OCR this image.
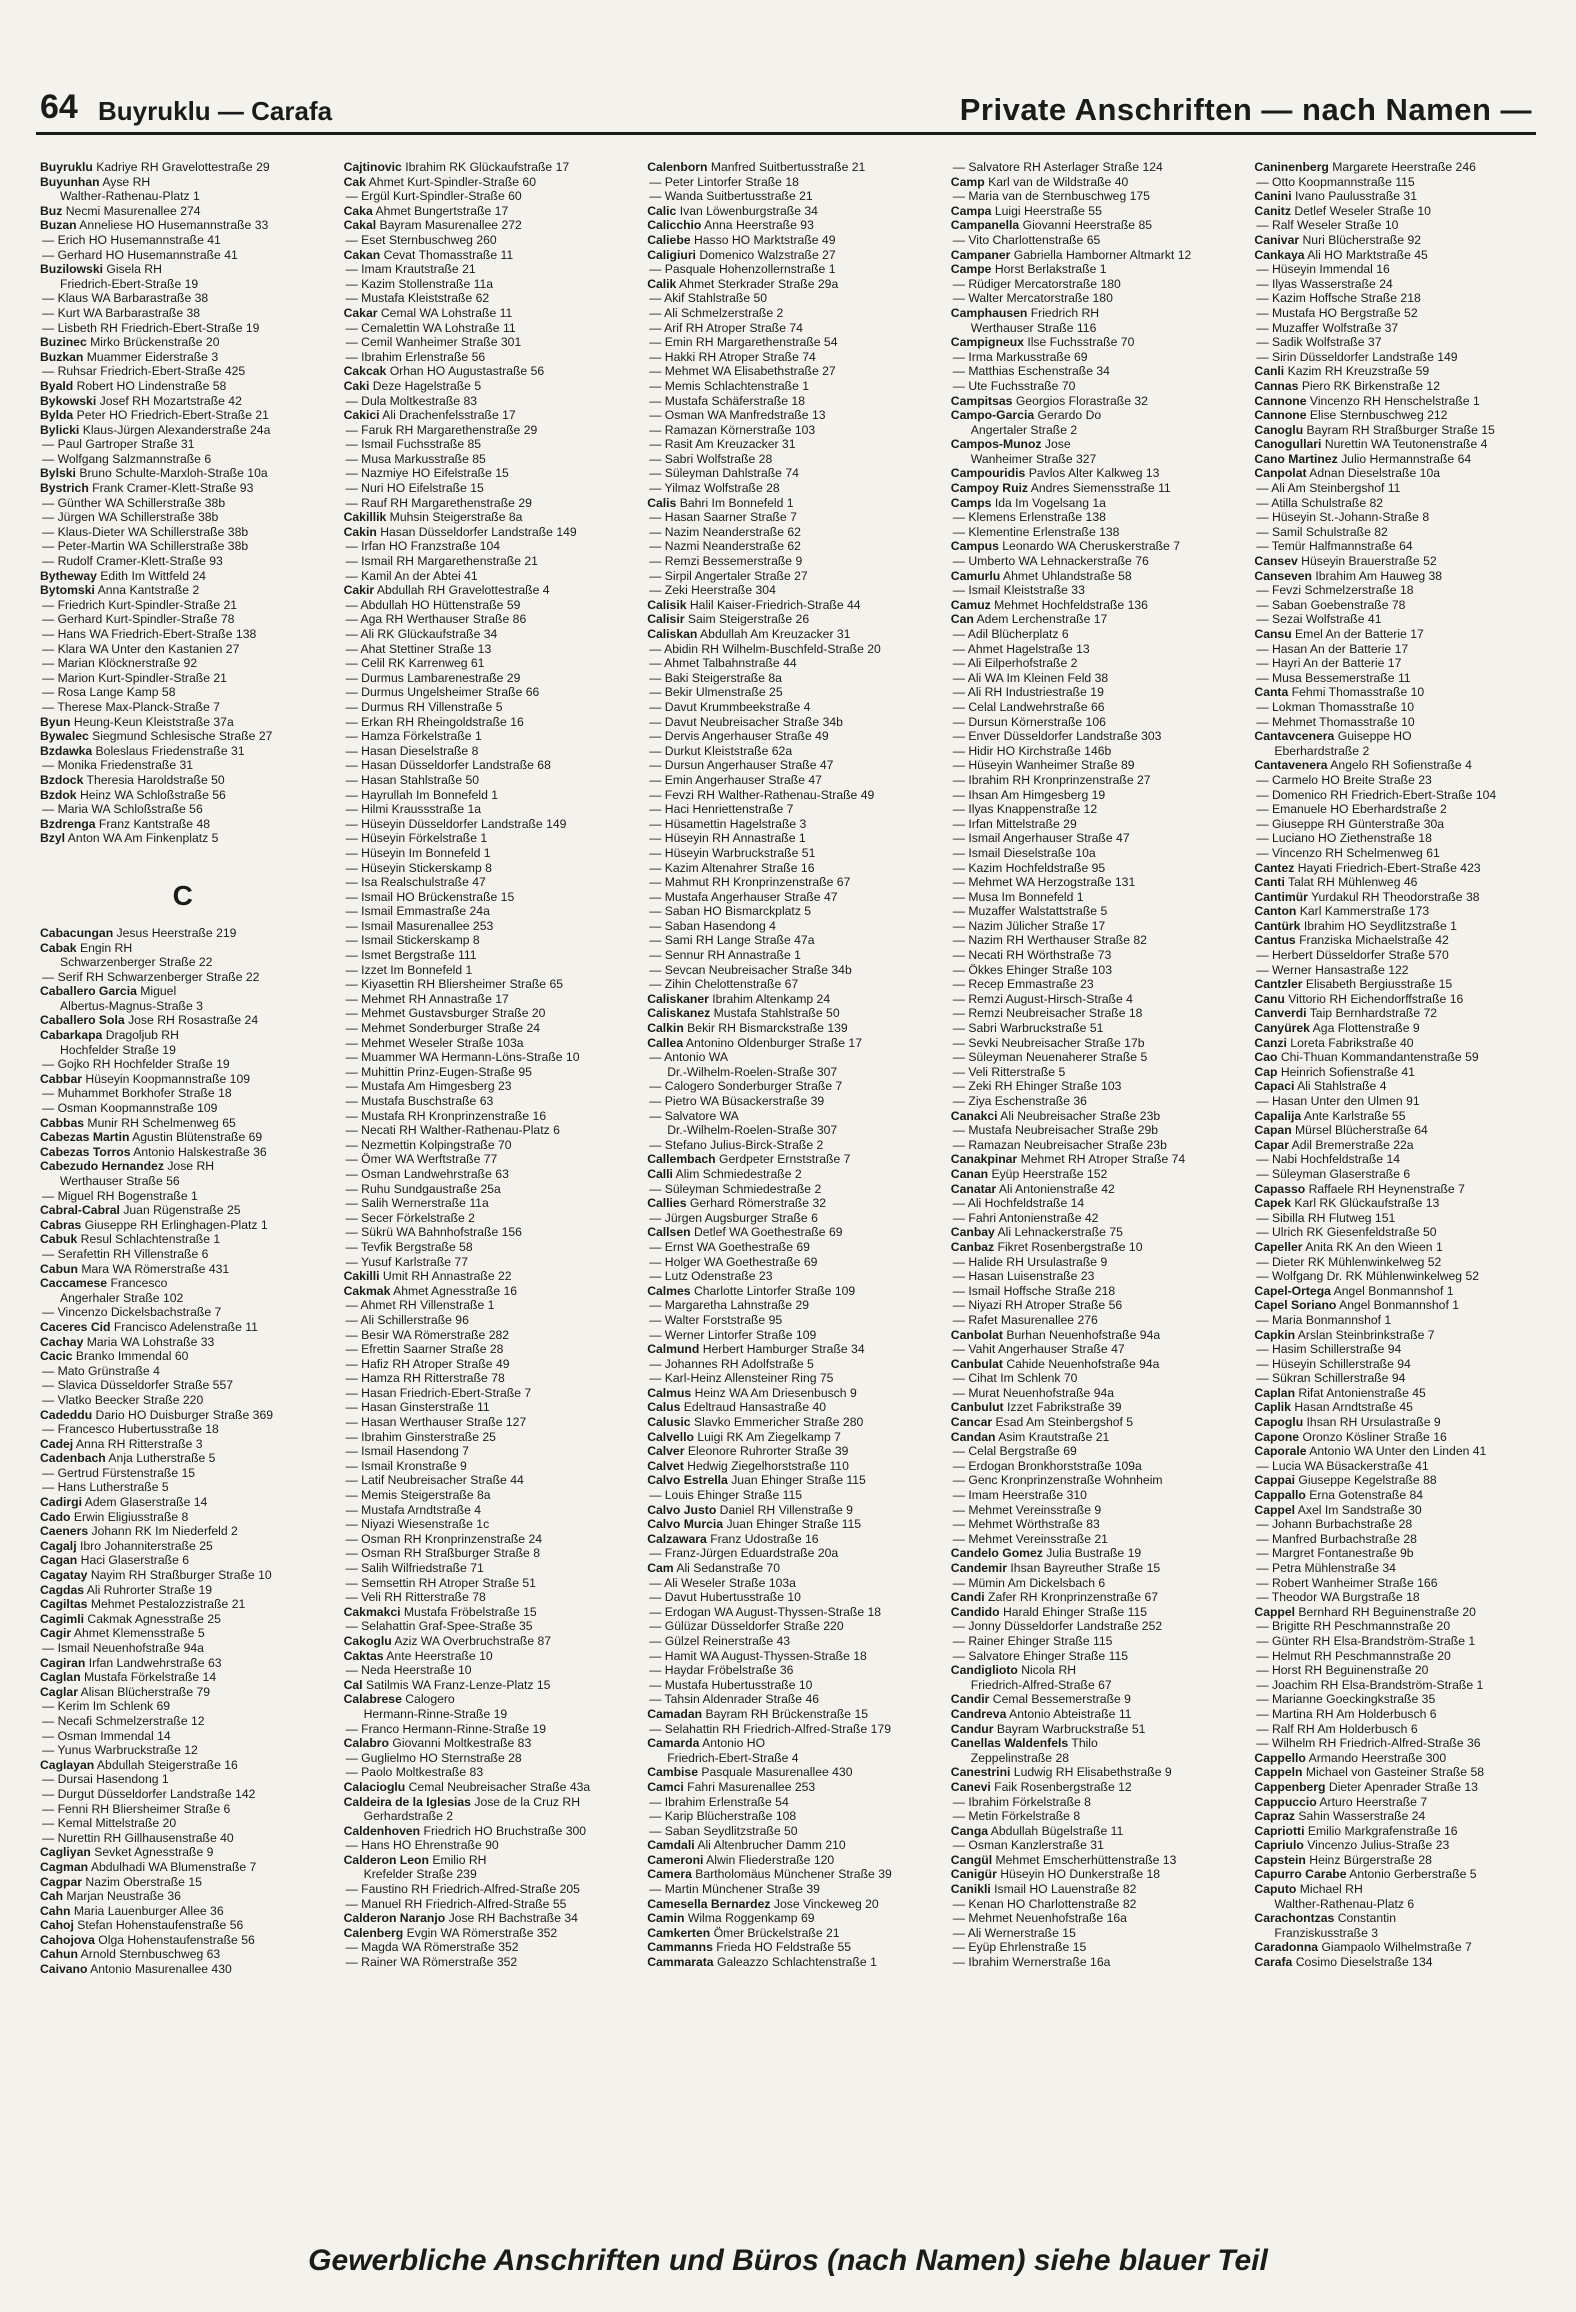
64 Buyruklu — Carafa	Private Anschriften — nach Namen —
Buyruklu Kadriye RH Gravelottestraße 29
Buyunhan Ayse RH
Walther-Rathenau-Platz 1
Buz Necmi Masurenallee 274
Buzan Anneliese HO Husemannstraße 33
— Erich HO Husemannstraße 41
— Gerhard HO Husemannstraße 41
Buzilowski Gisela RH
Friedrich-Ebert-Straße 19
— Klaus WA Barbarastraße 38
— Kurt WA Barbarastraße 38
— Lisbeth RH Friedrich-Ebert-Straße 19
Buzinec Mirko Brückenstraße 20
Buzkan Muammer Eiderstraße 3
— Ruhsar Friedrich-Ebert-Straße 425
Byald Robert HO Lindenstraße 58
Bykowski Josef RH Mozartstraße 42
Bylda Peter HO Friedrich-Ebert-Straße 21
Bylicki Klaus-Jürgen Alexanderstraße 24a
— Paul Gartroper Straße 31
— Wolfgang Salzmannstraße 6
Bylski Bruno Schulte-Marxloh-Straße 10a
Bystrich Frank Cramer-Klett-Straße 93
— Günther WA Schillerstraße 38b
— Jürgen WA Schillerstraße 38b
— Klaus-Dieter WA Schillerstraße 38b
— Peter-Martin WA Schillerstraße 38b
— Rudolf Cramer-Klett-Straße 93
Bytheway Edith Im Wittfeld 24
Bytomski Anna Kantstraße 2
— Friedrich Kurt-Spindler-Straße 21
— Gerhard Kurt-Spindler-Straße 78
— Hans WA Friedrich-Ebert-Straße 138
— Klara WA Unter den Kastanien 27
— Marian Klöcknerstraße 92
— Marion Kurt-Spindler-Straße 21
— Rosa Lange Kamp 58
— Therese Max-Planck-Straße 7
Byun Heung-Keun Kleiststraße 37a
Bywalec Siegmund Schlesische Straße 27
Bzdawka Boleslaus Friedenstraße 31
— Monika Friedenstraße 31
Bzdock Theresia Haroldstraße 50
Bzdok Heinz WA Schloßstraße 56
— Maria WA Schloßstraße 56
Bzdrenga Franz Kantstraße 48
Bzyl Anton WA Am Finkenplatz 5
C
Cabacungan Jesus Heerstraße 219
Cabak Engin RH
Schwarzenberger Straße 22
— Serif RH Schwarzenberger Straße 22
Caballero Garcia Miguel
Albertus-Magnus-Straße 3
Caballero Sola Jose RH Rosastraße 24
Cabarkapa Dragoljub RH
Hochfelder Straße 19
— Gojko RH Hochfelder Straße 19
Cabbar Hüseyin Koopmannstraße 109
— Muhammet Borkhofer Straße 18
— Osman Koopmannstraße 109
Cabbas Munir RH Schelmenweg 65
Cabezas Martin Agustin Blütenstraße 69
Cabezas Torros Antonio Halskestraße 36
Cabezudo Hernandez Jose RH
Werthauser Straße 56
— Miguel RH Bogenstraße 1
Cabral-Cabral Juan Rügenstraße 25
Cabras Giuseppe RH Erlinghagen-Platz 1
Cabuk Resul Schlachtenstraße 1
— Serafettin RH Villenstraße 6
Cabun Mara WA Römerstraße 431
Caccamese Francesco
Angerhaler Straße 102
— Vincenzo Dickelsbachstraße 7
Caceres Cid Francisco Adelenstraße 11
Cachay Maria WA Lohstraße 33
Cacic Branko Immendal 60
— Mato Grünstraße 4
— Slavica Düsseldorfer Straße 557
— Vlatko Beecker Straße 220
Cadeddu Dario HO Duisburger Straße 369
— Francesco Hubertusstraße 18
Cadej Anna RH Ritterstraße 3
Cadenbach Anja Lutherstraße 5
— Gertrud Fürstenstraße 15
— Hans Lutherstraße 5
Cadirgi Adem Glaserstraße 14
Cado Erwin Eligiusstraße 8
Caeners Johann RK Im Niederfeld 2
Cagalj Ibro Johanniterstraße 25
Cagan Haci Glaserstraße 6
Cagatay Nayim RH Straßburger Straße 10
Cagdas Ali Ruhrorter Straße 19
Cagiltas Mehmet Pestalozzistraße 21
Cagimli Cakmak Agnesstraße 25
Cagir Ahmet Klemensstraße 5
— Ismail Neuenhofstraße 94a
Cagiran Irfan Landwehrstraße 63
Caglan Mustafa Förkelstraße 14
Caglar Alisan Blücherstraße 79
— Kerim Im Schlenk 69
— Necafi Schmelzerstraße 12
— Osman Immendal 14
— Yunus Warbruckstraße 12
Caglayan Abdullah Steigerstraße 16
— Dursai Hasendong 1
— Durgut Düsseldorfer Landstraße 142
— Fenni RH Bliersheimer Straße 6
— Kemal Mittelstraße 20
— Nurettin RH Gillhausenstraße 40
Cagliyan Sevket Agnesstraße 9
Cagman Abdulhadi WA Blumenstraße 7
Cagpar Nazim Oberstraße 15
Cah Marjan Neustraße 36
Cahn Maria Lauenburger Allee 36
Cahoj Stefan Hohenstaufenstraße 56
Cahojova Olga Hohenstaufenstraße 56
Cahun Arnold Sternbuschweg 63
Caivano Antonio Masurenallee 430
Cajtinovic Ibrahim RK Glückaufstraße 17
Cak Ahmet Kurt-Spindler-Straße 60
— Ergül Kurt-Spindler-Straße 60
Caka Ahmet Bungertstraße 17
Cakal Bayram Masurenallee 272
— Eset Sternbuschweg 260
Cakan Cevat Thomasstraße 11
— Imam Krautstraße 21
— Kazim Stollenstraße 11a
— Mustafa Kleiststraße 62
Cakar Cemal WA Lohstraße 11
— Cemalettin WA Lohstraße 11
— Cemil Wanheimer Straße 301
— Ibrahim Erlenstraße 56
Cakcak Orhan HO Augustastraße 56
Caki Deze Hagelstraße 5
— Dula Moltkestraße 83
Cakici Ali Drachenfelsstraße 17
— Faruk RH Margarethenstraße 29
— Ismail Fuchsstraße 85
— Musa Markusstraße 85
— Nazmiye HO Eifelstraße 15
— Nuri HO Eifelstraße 15
— Rauf RH Margarethenstraße 29
Cakillik Muhsin Steigerstraße 8a
Cakin Hasan Düsseldorfer Landstraße 149
— Irfan HO Franzstraße 104
— Ismail RH Margarethenstraße 21
— Kamil An der Abtei 41
Cakir Abdullah RH Gravelottestraße 4
— Abdullah HO Hüttenstraße 59
— Aga RH Werthauser Straße 86
— Ali RK Glückaufstraße 34
— Ahat Stettiner Straße 13
— Celil RK Karrenweg 61
— Durmus Lambarenestraße 29
— Durmus Ungelsheimer Straße 66
— Durmus RH Villenstraße 5
— Erkan RH Rheingoldstraße 16
— Hamza Förkelstraße 1
— Hasan Dieselstraße 8
— Hasan Düsseldorfer Landstraße 68
— Hasan Stahlstraße 50
— Hayrullah Im Bonnefeld 1
— Hilmi Kraussstraße 1a
— Hüseyin Düsseldorfer Landstraße 149
— Hüseyin Förkelstraße 1
— Hüseyin Im Bonnefeld 1
— Hüseyin Stickerskamp 8
— Isa Realschulstraße 47
— Ismail HO Brückenstraße 15
— Ismail Emmastraße 24a
— Ismail Masurenallee 253
— Ismail Stickerskamp 8
— Ismet Bergstraße 111
— Izzet Im Bonnefeld 1
— Kiyasettin RH Bliersheimer Straße 65
— Mehmet RH Annastraße 17
— Mehmet Gustavsburger Straße 20
— Mehmet Sonderburger Straße 24
— Mehmet Weseler Straße 103a
— Muammer WA Hermann-Löns-Straße 10
— Muhittin Prinz-Eugen-Straße 95
— Mustafa Am Himgesberg 23
— Mustafa Buschstraße 63
— Mustafa RH Kronprinzenstraße 16
— Necati RH Walther-Rathenau-Platz 6
— Nezmettin Kolpingstraße 70
— Ömer WA Werftstraße 77
— Osman Landwehrstraße 63
— Ruhu Sundgaustraße 25a
— Salih Wernerstraße 11a
— Secer Förkelstraße 2
— Sükrü WA Bahnhofstraße 156
— Tevfik Bergstraße 58
— Yusuf Karlstraße 77
Cakilli Umit RH Annastraße 22
Cakmak Ahmet Agnesstraße 16
— Ahmet RH Villenstraße 1
— Ali Schillerstraße 96
— Besir WA Römerstraße 282
— Efrettin Saarner Straße 28
— Hafiz RH Atroper Straße 49
— Hamza RH Ritterstraße 78
— Hasan Friedrich-Ebert-Straße 7
— Hasan Ginsterstraße 11
— Hasan Werthauser Straße 127
— Ibrahim Ginsterstraße 25
— Ismail Hasendong 7
— Ismail Kronstraße 9
— Latif Neubreisacher Straße 44
— Memis Steigerstraße 8a
— Mustafa Arndtstraße 4
— Niyazi Wiesenstraße 1c
— Osman RH Kronprinzenstraße 24
— Osman RH Straßburger Straße 8
— Salih Wilfriedstraße 71
— Semsettin RH Atroper Straße 51
— Veli RH Ritterstraße 78
Cakmakci Mustafa Fröbelstraße 15
— Selahattin Graf-Spee-Straße 35
Cakoglu Aziz WA Overbruchstraße 87
Caktas Ante Heerstraße 10
— Neda Heerstraße 10
Cal Satilmis WA Franz-Lenze-Platz 15
Calabrese Calogero
Hermann-Rinne-Straße 19
— Franco Hermann-Rinne-Straße 19
Calabro Giovanni Moltkestraße 83
— Guglielmo HO Sternstraße 28
— Paolo Moltkestraße 83
Calacioglu Cemal Neubreisacher Straße 43a
Caldeira de la Iglesias Jose de la Cruz RH
Gerhardstraße 2
Caldenhoven Friedrich HO Bruchstraße 300
— Hans HO Ehrenstraße 90
Calderon Leon Emilio RH
Krefelder Straße 239
— Faustino RH Friedrich-Alfred-Straße 205
— Manuel RH Friedrich-Alfred-Straße 55
Calderon Naranjo Jose RH Bachstraße 34
Calenberg Evgin WA Römerstraße 352
— Magda WA Römerstraße 352
— Rainer WA Römerstraße 352
Calenborn Manfred Suitbertusstraße 21
— Peter Lintorfer Straße 18
— Wanda Suitbertusstraße 21
Calic Ivan Löwenburgstraße 34
Calicchio Anna Heerstraße 93
Caliebe Hasso HO Marktstraße 49
Caligiuri Domenico Walzstraße 27
— Pasquale Hohenzollernstraße 1
Calik Ahmet Sterkrader Straße 29a
— Akif Stahlstraße 50
— Ali Schmelzerstraße 2
— Arif RH Atroper Straße 74
— Emin RH Margarethenstraße 54
— Hakki RH Atroper Straße 74
— Mehmet WA Elisabethstraße 27
— Memis Schlachtenstraße 1
— Mustafa Schäferstraße 18
— Osman WA Manfredstraße 13
— Ramazan Körnerstraße 103
— Rasit Am Kreuzacker 31
— Sabri Wolfstraße 28
— Süleyman Dahlstraße 74
— Yilmaz Wolfstraße 28
Calis Bahri Im Bonnefeld 1
— Hasan Saarner Straße 7
— Nazim Neanderstraße 62
— Nazmi Neanderstraße 62
— Remzi Bessemerstraße 9
— Sirpil Angertaler Straße 27
— Zeki Heerstraße 304
Calisik Halil Kaiser-Friedrich-Straße 44
Calisir Saim Steigerstraße 26
Caliskan Abdullah Am Kreuzacker 31
— Abidin RH Wilhelm-Buschfeld-Straße 20
— Ahmet Talbahnstraße 44
— Baki Steigerstraße 8a
— Bekir Ulmenstraße 25
— Davut Krummbeekstraße 4
— Davut Neubreisacher Straße 34b
— Dervis Angerhauser Straße 49
— Durkut Kleiststraße 62a
— Dursun Angerhauser Straße 47
— Emin Angerhauser Straße 47
— Fevzi RH Walther-Rathenau-Straße 49
— Haci Henriettenstraße 7
— Hüsamettin Hagelstraße 3
— Hüseyin RH Annastraße 1
— Hüseyin Warbruckstraße 51
— Kazim Altenahrer Straße 16
— Mahmut RH Kronprinzenstraße 67
— Mustafa Angerhauser Straße 47
— Saban HO Bismarckplatz 5
— Saban Hasendong 4
— Sami RH Lange Straße 47a
— Sennur RH Annastraße 1
— Sevcan Neubreisacher Straße 34b
— Zihin Chelottenstraße 67
Caliskaner Ibrahim Altenkamp 24
Caliskanez Mustafa Stahlstraße 50
Calkin Bekir RH Bismarckstraße 139
Callea Antonino Oldenburger Straße 17
— Antonio WA
Dr.-Wilhelm-Roelen-Straße 307
— Calogero Sonderburger Straße 7
— Pietro WA Büsackerstraße 39
— Salvatore WA
Dr.-Wilhelm-Roelen-Straße 307
— Stefano Julius-Birck-Straße 2
Callembach Gerdpeter Ernststraße 7
Calli Alim Schmiedestraße 2
— Süleyman Schmiedestraße 2
Callies Gerhard Römerstraße 32
— Jürgen Augsburger Straße 6
Callsen Detlef WA Goethestraße 69
— Ernst WA Goethestraße 69
— Holger WA Goethestraße 69
— Lutz Odenstraße 23
Calmes Charlotte Lintorfer Straße 109
— Margaretha Lahnstraße 29
— Walter Forststraße 95
— Werner Lintorfer Straße 109
Calmund Herbert Hamburger Straße 34
— Johannes RH Adolfstraße 5
— Karl-Heinz Allensteiner Ring 75
Calmus Heinz WA Am Driesenbusch 9
Calus Edeltraud Hansastraße 40
Calusic Slavko Emmericher Straße 280
Calvello Luigi RK Am Ziegelkamp 7
Calver Eleonore Ruhrorter Straße 39
Calvet Hedwig Ziegelhorststraße 110
Calvo Estrella Juan Ehinger Straße 115
— Louis Ehinger Straße 115
Calvo Justo Daniel RH Villenstraße 9
Calvo Murcia Juan Ehinger Straße 115
Calzawara Franz Udostraße 16
— Franz-Jürgen Eduardstraße 20a
Cam Ali Sedanstraße 70
— Ali Weseler Straße 103a
— Davut Hubertusstraße 10
— Erdogan WA August-Thyssen-Straße 18
— Gülüzar Düsseldorfer Straße 220
— Gülzel Reinerstraße 43
— Hamit WA August-Thyssen-Straße 18
— Haydar Fröbelstraße 36
— Mustafa Hubertusstraße 10
— Tahsin Aldenrader Straße 46
Camadan Bayram RH Brückenstraße 15
— Selahattin RH Friedrich-Alfred-Straße 179
Camarda Antonio HO
Friedrich-Ebert-Straße 4
Cambise Pasquale Masurenallee 430
Camci Fahri Masurenallee 253
— Ibrahim Erlenstraße 54
— Karip Blücherstraße 108
— Saban Seydlitzstraße 50
Camdali Ali Altenbrucher Damm 210
Cameroni Alwin Fliederstraße 120
Camera Bartholomäus Münchener Straße 39
— Martin Münchener Straße 39
Camesella Bernardez Jose Vinckeweg 20
Camin Wilma Roggenkamp 69
Camkerten Ömer Brückelstraße 21
Cammanns Frieda HO Feldstraße 55
Cammarata Galeazzo Schlachtenstraße 1
— Salvatore RH Asterlager Straße 124
Camp Karl van de Wildstraße 40
— Maria van de Sternbuschweg 175
Campa Luigi Heerstraße 55
Campanella Giovanni Heerstraße 85
— Vito Charlottenstraße 65
Campaner Gabriella Hamborner Altmarkt 12
Campe Horst Berlakstraße 1
— Rüdiger Mercatorstraße 180
— Walter Mercatorstraße 180
Camphausen Friedrich RH
Werthauser Straße 116
Campigneux Ilse Fuchsstraße 70
— Irma Markusstraße 69
— Matthias Eschenstraße 34
— Ute Fuchsstraße 70
Campitsas Georgios Florastraße 32
Campo-Garcia Gerardo Do
Angertaler Straße 2
Campos-Munoz Jose
Wanheimer Straße 327
Campouridis Pavlos Alter Kalkweg 13
Campoy Ruiz Andres Siemensstraße 11
Camps Ida Im Vogelsang 1a
— Klemens Erlenstraße 138
— Klementine Erlenstraße 138
Campus Leonardo WA Cheruskerstraße 7
— Umberto WA Lehnackerstraße 76
Camurlu Ahmet Uhlandstraße 58
— Ismail Kleiststraße 33
Camuz Mehmet Hochfeldstraße 136
Can Adem Lerchenstraße 17
— Adil Blücherplatz 6
— Ahmet Hagelstraße 13
— Ali Eilperhofstraße 2
— Ali WA Im Kleinen Feld 38
— Ali RH Industriestraße 19
— Celal Landwehrstraße 66
— Dursun Körnerstraße 106
— Enver Düsseldorfer Landstraße 303
— Hidir HO Kirchstraße 146b
— Hüseyin Wanheimer Straße 89
— Ibrahim RH Kronprinzenstraße 27
— Ihsan Am Himgesberg 19
— Ilyas Knappenstraße 12
— Irfan Mittelstraße 29
— Ismail Angerhauser Straße 47
— Ismail Dieselstraße 10a
— Kazim Hochfeldstraße 95
— Mehmet WA Herzogstraße 131
— Musa Im Bonnefeld 1
— Muzaffer Walstattstraße 5
— Nazim Jülicher Straße 17
— Nazim RH Werthauser Straße 82
— Necati RH Wörthstraße 73
— Ökkes Ehinger Straße 103
— Recep Emmastraße 23
— Remzi August-Hirsch-Straße 4
— Remzi Neubreisacher Straße 18
— Sabri Warbruckstraße 51
— Sevki Neubreisacher Straße 17b
— Süleyman Neuenaherer Straße 5
— Veli Ritterstraße 5
— Zeki RH Ehinger Straße 103
— Ziya Eschenstraße 36
Canakci Ali Neubreisacher Straße 23b
— Mustafa Neubreisacher Straße 29b
— Ramazan Neubreisacher Straße 23b
Canakpinar Mehmet RH Atroper Straße 74
Canan Eyüp Heerstraße 152
Canatar Ali Antonienstraße 42
— Ali Hochfeldstraße 14
— Fahri Antonienstraße 42
Canbay Ali Lehnackerstraße 75
Canbaz Fikret Rosenbergstraße 10
— Halide RH Ursulastraße 9
— Hasan Luisenstraße 23
— Ismail Hoffsche Straße 218
— Niyazi RH Atroper Straße 56
— Rafet Masurenallee 276
Canbolat Burhan Neuenhofstraße 94a
— Vahit Angerhauser Straße 47
Canbulat Cahide Neuenhofstraße 94a
— Cihat Im Schlenk 70
— Murat Neuenhofstraße 94a
Canbulut Izzet Fabrikstraße 39
Cancar Esad Am Steinbergshof 5
Candan Asim Krautstraße 21
— Celal Bergstraße 69
— Erdogan Bronkhorststraße 109a
— Genc Kronprinzenstraße Wohnheim
— Imam Heerstraße 310
— Mehmet Vereinsstraße 9
— Mehmet Wörthstraße 83
— Mehmet Vereinsstraße 21
Candelo Gomez Julia Bustraße 19
Candemir Ihsan Bayreuther Straße 15
— Mümin Am Dickelsbach 6
Candi Zafer RH Kronprinzenstraße 67
Candido Harald Ehinger Straße 115
— Jonny Düsseldorfer Landstraße 252
— Rainer Ehinger Straße 115
— Salvatore Ehinger Straße 115
Candiglioto Nicola RH
Friedrich-Alfred-Straße 67
Candir Cemal Bessemerstraße 9
Candreva Antonio Abteistraße 11
Candur Bayram Warbruckstraße 51
Canellas Waldenfels Thilo
Zeppelinstraße 28
Canestrini Ludwig RH Elisabethstraße 9
Canevi Faik Rosenbergstraße 12
— Ibrahim Förkelstraße 8
— Metin Förkelstraße 8
Canga Abdullah Bügelstraße 11
— Osman Kanzlerstraße 31
Cangül Mehmet Emscherhüttenstraße 13
Canigür Hüseyin HO Dunkerstraße 18
Canikli Ismail HO Lauenstraße 82
— Kenan HO Charlottenstraße 82
— Mehmet Neuenhofstraße 16a
— Ali Wernerstraße 15
— Eyüp Ehrlenstraße 15
— Ibrahim Wernerstraße 16a
Caninenberg Margarete Heerstraße 246
— Otto Koopmannstraße 115
Canini Ivano Paulusstraße 31
Canitz Detlef Weseler Straße 10
— Ralf Weseler Straße 10
Canivar Nuri Blücherstraße 92
Cankaya Ali HO Marktstraße 45
— Hüseyin Immendal 16
— Ilyas Wasserstraße 24
— Kazim Hoffsche Straße 218
— Mustafa HO Bergstraße 52
— Muzaffer Wolfstraße 37
— Sadik Wolfstraße 37
— Sirin Düsseldorfer Landstraße 149
Canli Kazim RH Kreuzstraße 59
Cannas Piero RK Birkenstraße 12
Cannone Vincenzo RH Henschelstraße 1
Cannone Elise Sternbuschweg 212
Canoglu Bayram RH Straßburger Straße 15
Canogullari Nurettin WA Teutonenstraße 4
Cano Martinez Julio Hermannstraße 64
Canpolat Adnan Dieselstraße 10a
— Ali Am Steinbergshof 11
— Atilla Schulstraße 82
— Hüseyin St.-Johann-Straße 8
— Samil Schulstraße 82
— Temür Halfmannstraße 64
Cansev Hüseyin Brauerstraße 52
Canseven Ibrahim Am Hauweg 38
— Fevzi Schmelzerstraße 18
— Saban Goebenstraße 78
— Sezai Wolfstraße 41
Cansu Emel An der Batterie 17
— Hasan An der Batterie 17
— Hayri An der Batterie 17
— Musa Bessemerstraße 11
Canta Fehmi Thomasstraße 10
— Lokman Thomasstraße 10
— Mehmet Thomasstraße 10
Cantavcenera Guiseppe HO
Eberhardstraße 2
Cantavenera Angelo RH Sofienstraße 4
— Carmelo HO Breite Straße 23
— Domenico RH Friedrich-Ebert-Straße 104
— Emanuele HO Eberhardstraße 2
— Giuseppe RH Günterstraße 30a
— Luciano HO Ziethenstraße 18
— Vincenzo RH Schelmenweg 61
Cantez Hayati Friedrich-Ebert-Straße 423
Canti Talat RH Mühlenweg 46
Cantimür Yurdakul RH Theodorstraße 38
Canton Karl Kammerstraße 173
Cantürk Ibrahim HO Seydlitzstraße 1
Cantus Franziska Michaelstraße 42
— Herbert Düsseldorfer Straße 570
— Werner Hansastraße 122
Cantzler Elisabeth Bergiusstraße 15
Canu Vittorio RH Eichendorffstraße 16
Canverdi Taip Bernhardstraße 72
Canyürek Aga Flottenstraße 9
Canzi Loreta Fabrikstraße 40
Cao Chi-Thuan Kommandantenstraße 59
Cap Heinrich Sofienstraße 41
Capaci Ali Stahlstraße 4
— Hasan Unter den Ulmen 91
Capalija Ante Karlstraße 55
Capan Mürsel Blücherstraße 64
Capar Adil Bremerstraße 22a
— Nabi Hochfeldstraße 14
— Süleyman Glaserstraße 6
Capasso Raffaele RH Heynenstraße 7
Capek Karl RK Glückaufstraße 13
— Sibilla RH Flutweg 151
— Ulrich RK Giesenfeldstraße 50
Capeller Anita RK An den Wieen 1
— Dieter RK Mühlenwinkelweg 52
— Wolfgang Dr. RK Mühlenwinkelweg 52
Capel-Ortega Angel Bonmannshof 1
Capel Soriano Angel Bonmannshof 1
— Maria Bonmannshof 1
Capkin Arslan Steinbrinkstraße 7
— Hasim Schillerstraße 94
— Hüseyin Schillerstraße 94
— Sükran Schillerstraße 94
Caplan Rifat Antonienstraße 45
Caplik Hasan Arndtstraße 45
Capoglu Ihsan RH Ursulastraße 9
Capone Oronzo Kösliner Straße 16
Caporale Antonio WA Unter den Linden 41
— Lucia WA Büsackerstraße 41
Cappai Giuseppe Kegelstraße 88
Cappallo Erna Gotenstraße 84
Cappel Axel Im Sandstraße 30
— Johann Burbachstraße 28
— Manfred Burbachstraße 28
— Margret Fontanestraße 9b
— Petra Mühlenstraße 34
— Robert Wanheimer Straße 166
— Theodor WA Burgstraße 18
Cappel Bernhard RH Beguinenstraße 20
— Brigitte RH Peschmannstraße 20
— Günter RH Elsa-Brandström-Straße 1
— Helmut RH Peschmannstraße 20
— Horst RH Beguinenstraße 20
— Joachim RH Elsa-Brandström-Straße 1
— Marianne Goeckingkstraße 35
— Martina RH Am Holderbusch 6
— Ralf RH Am Holderbusch 6
— Wilhelm RH Friedrich-Alfred-Straße 36
Cappello Armando Heerstraße 300
Cappeln Michael von Gasteiner Straße 58
Cappenberg Dieter Apenrader Straße 13
Cappuccio Arturo Heerstraße 7
Capraz Sahin Wasserstraße 24
Capriotti Emilio Markgrafenstraße 16
Capriulo Vincenzo Julius-Straße 23
Capstein Heinz Bürgerstraße 28
Capurro Carabe Antonio Gerberstraße 5
Caputo Michael RH
Walther-Rathenau-Platz 6
Carachontzas Constantin
Franziskusstraße 3
Caradonna Giampaolo Wilhelmstraße 7
Carafa Cosimo Dieselstraße 134
Gewerbliche Anschriften und Büros (nach Namen) siehe blauer Teil
